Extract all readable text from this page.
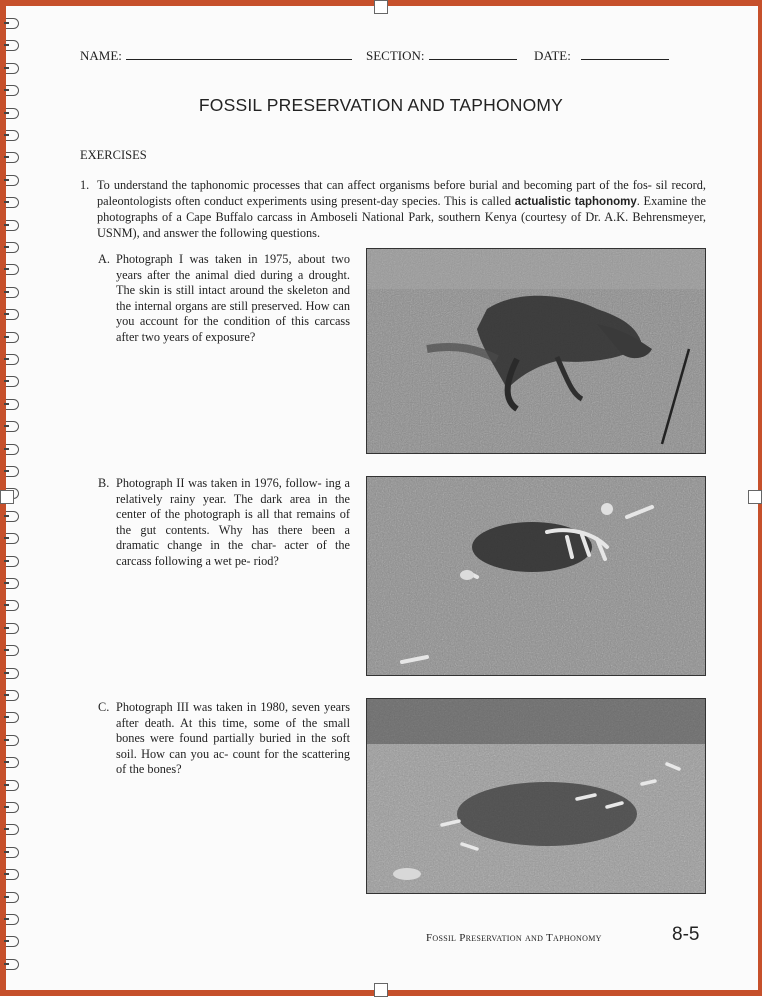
NAME:	SECTION:	DATE:
FOSSIL PRESERVATION AND TAPHONOMY
EXERCISES
1. To understand the taphonomic processes that can affect organisms before burial and becoming part of the fos- sil record, paleontologists often conduct experiments using present-day species. This is called actualistic taphonomy. Examine the photographs of a Cape Buffalo carcass in Amboseli National Park, southern Kenya (courtesy of Dr. A.K. Behrensmeyer, USNM), and answer the following questions.
A. Photograph I was taken in 1975, about two years after the animal died during a drought. The skin is still intact around the skeleton and the internal organs are still preserved. How can you account for the condition of this carcass after two years of exposure?
B. Photograph II was taken in 1976, follow- ing a relatively rainy year. The dark area in the center of the photograph is all that remains of the gut contents. Why has there been a dramatic change in the char- acter of the carcass following a wet pe- riod?
C. Photograph III was taken in 1980, seven years after death. At this time, some of the small bones were found partially buried in the soft soil. How can you ac- count for the scattering of the bones?
Fossil Preservation and Taphonomy	8-5
